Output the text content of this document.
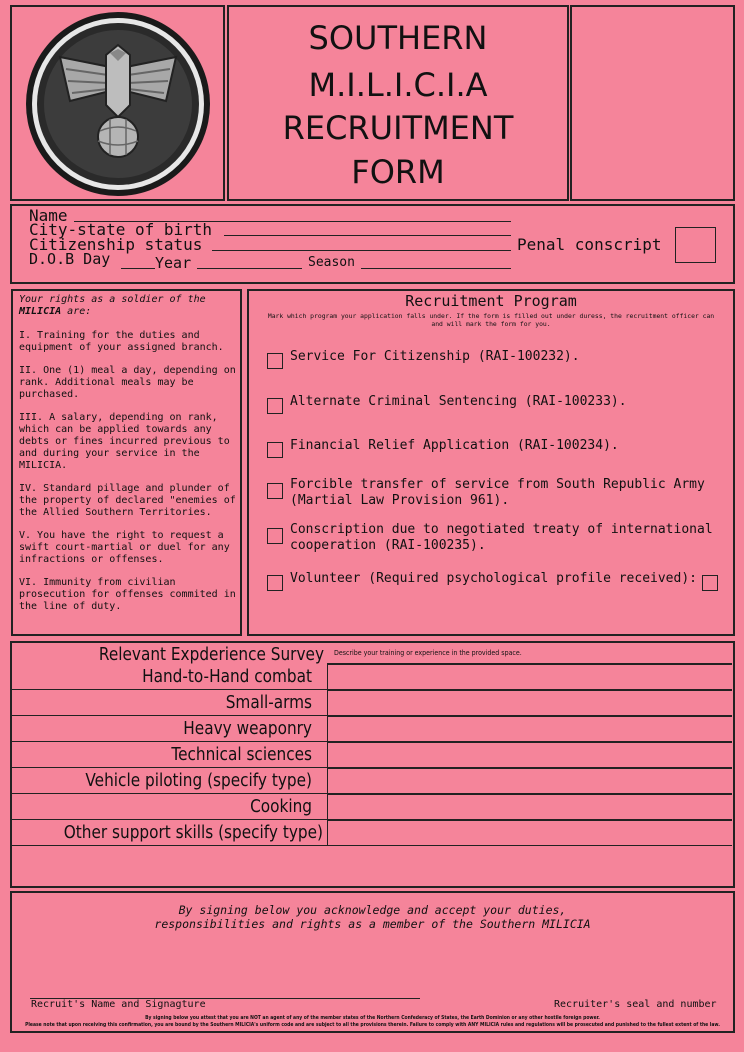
SOUTHERN
M.I.L.I.C.I.A
RECRUITMENT
FORM
Name
City-state of birth
Citizenship status
D.O.B Day	Year	Season
Penal conscript
Your rights as a soldier of the
MILICIA are:
I. Training for the duties and
equipment of your assigned branch.
II. One (1) meal a day, depending on
rank. Additional meals may be
purchased.
III. A salary, depending on rank,
which can be applied towards any
debts or fines incurred previous to
and during your service in the
MILICIA.
IV. Standard pillage and plunder of
the property of declared "enemies of
the Allied Southern Territories.
V. You have the right to request a
swift court-martial or duel for any
infractions or offenses.
VI. Immunity from civilian
prosecution for offenses commited in
the line of duty.
Recruitment Program
Mark which program your application falls under. If the form is filled out under duress, the recruitment officer can
and will mark the form for you.
Service For Citizenship (RAI-100232).
Alternate Criminal Sentencing (RAI-100233).
Financial Relief Application (RAI-100234).
Forcible transfer of service from South Republic Army
(Martial Law Provision 961).
Conscription due to negotiated treaty of international
cooperation (RAI-100235).
Volunteer (Required psychological profile received):
Relevant Expderience Survey Describe your training or experience in the provided space.
Hand-to-Hand combat
Small-arms
Heavy weaponry
Technical sciences
Vehicle piloting (specify type)
Cooking
Other support skills (specify type)
By signing below you acknowledge and accept your duties,
responsibilities and rights as a member of the Southern MILICIA
Recruit's Name and Signagture	Recruiter's seal and number
By signing below you attest that you are NOT an agent of any of the member states of the Northern Confederacy of States, the Earth Dominion or any other hostile foreign power.
Please note that upon receiving this confirmation, you are bound by the Southern MILICIA's uniform code and are subject to all the provisions therein. Failure to comply with ANY MILICIA rules and regulations will be prosecuted and punished to the fullest extent of the law.
